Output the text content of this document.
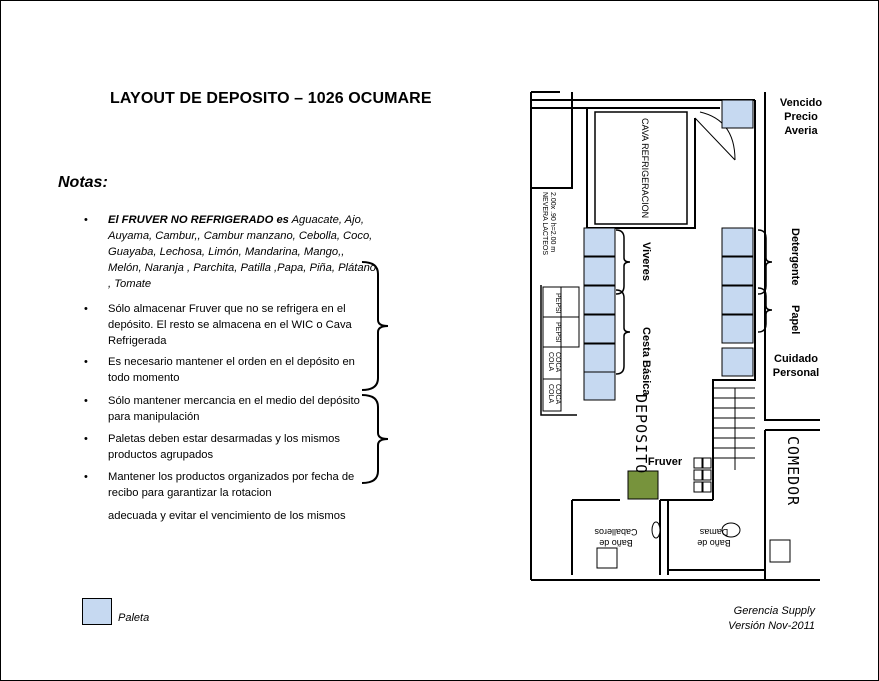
LAYOUT DE DEPOSITO – 1026 OCUMARE
Notas:
• El FRUVER NO REFRIGERADO es Aguacate, Ajo, Auyama, Cambur,, Cambur manzano, Cebolla, Coco, Guayaba, Lechosa, Limón, Mandarina, Mango,, Melón, Naranja , Parchita, Patilla ,Papa, Piña, Plátano , Tomate
• Sólo almacenar Fruver que no se refrigera en el depósito. El resto se almacena en el WIC o Cava Refrigerada
• Es necesario mantener el orden en el depósito en todo momento
• Sólo mantener mercancia en el medio del depósito para manipulación
• Paletas deben estar desarmadas y los mismos productos agrupados
• Mantener los productos organizados por fecha de recibo para garantizar la rotacion
adecuada y evitar el vencimiento de los mismos
Paleta
Gerencia Supply
Versión Nov-2011
Vencido Precio Averia
CAVA REFRIGERACION
NEVERA LACTEOS 2.00x .90 h=2.00 m
Viveres	Detergente
Papel
Cesta Básica	Cuidado Personal
DEPOSITO
Fruver	COMEDOR
PEPSI
PEPSI
COCA COLA
COCA COLA
Baño de Caballeros
Baño de Damas
